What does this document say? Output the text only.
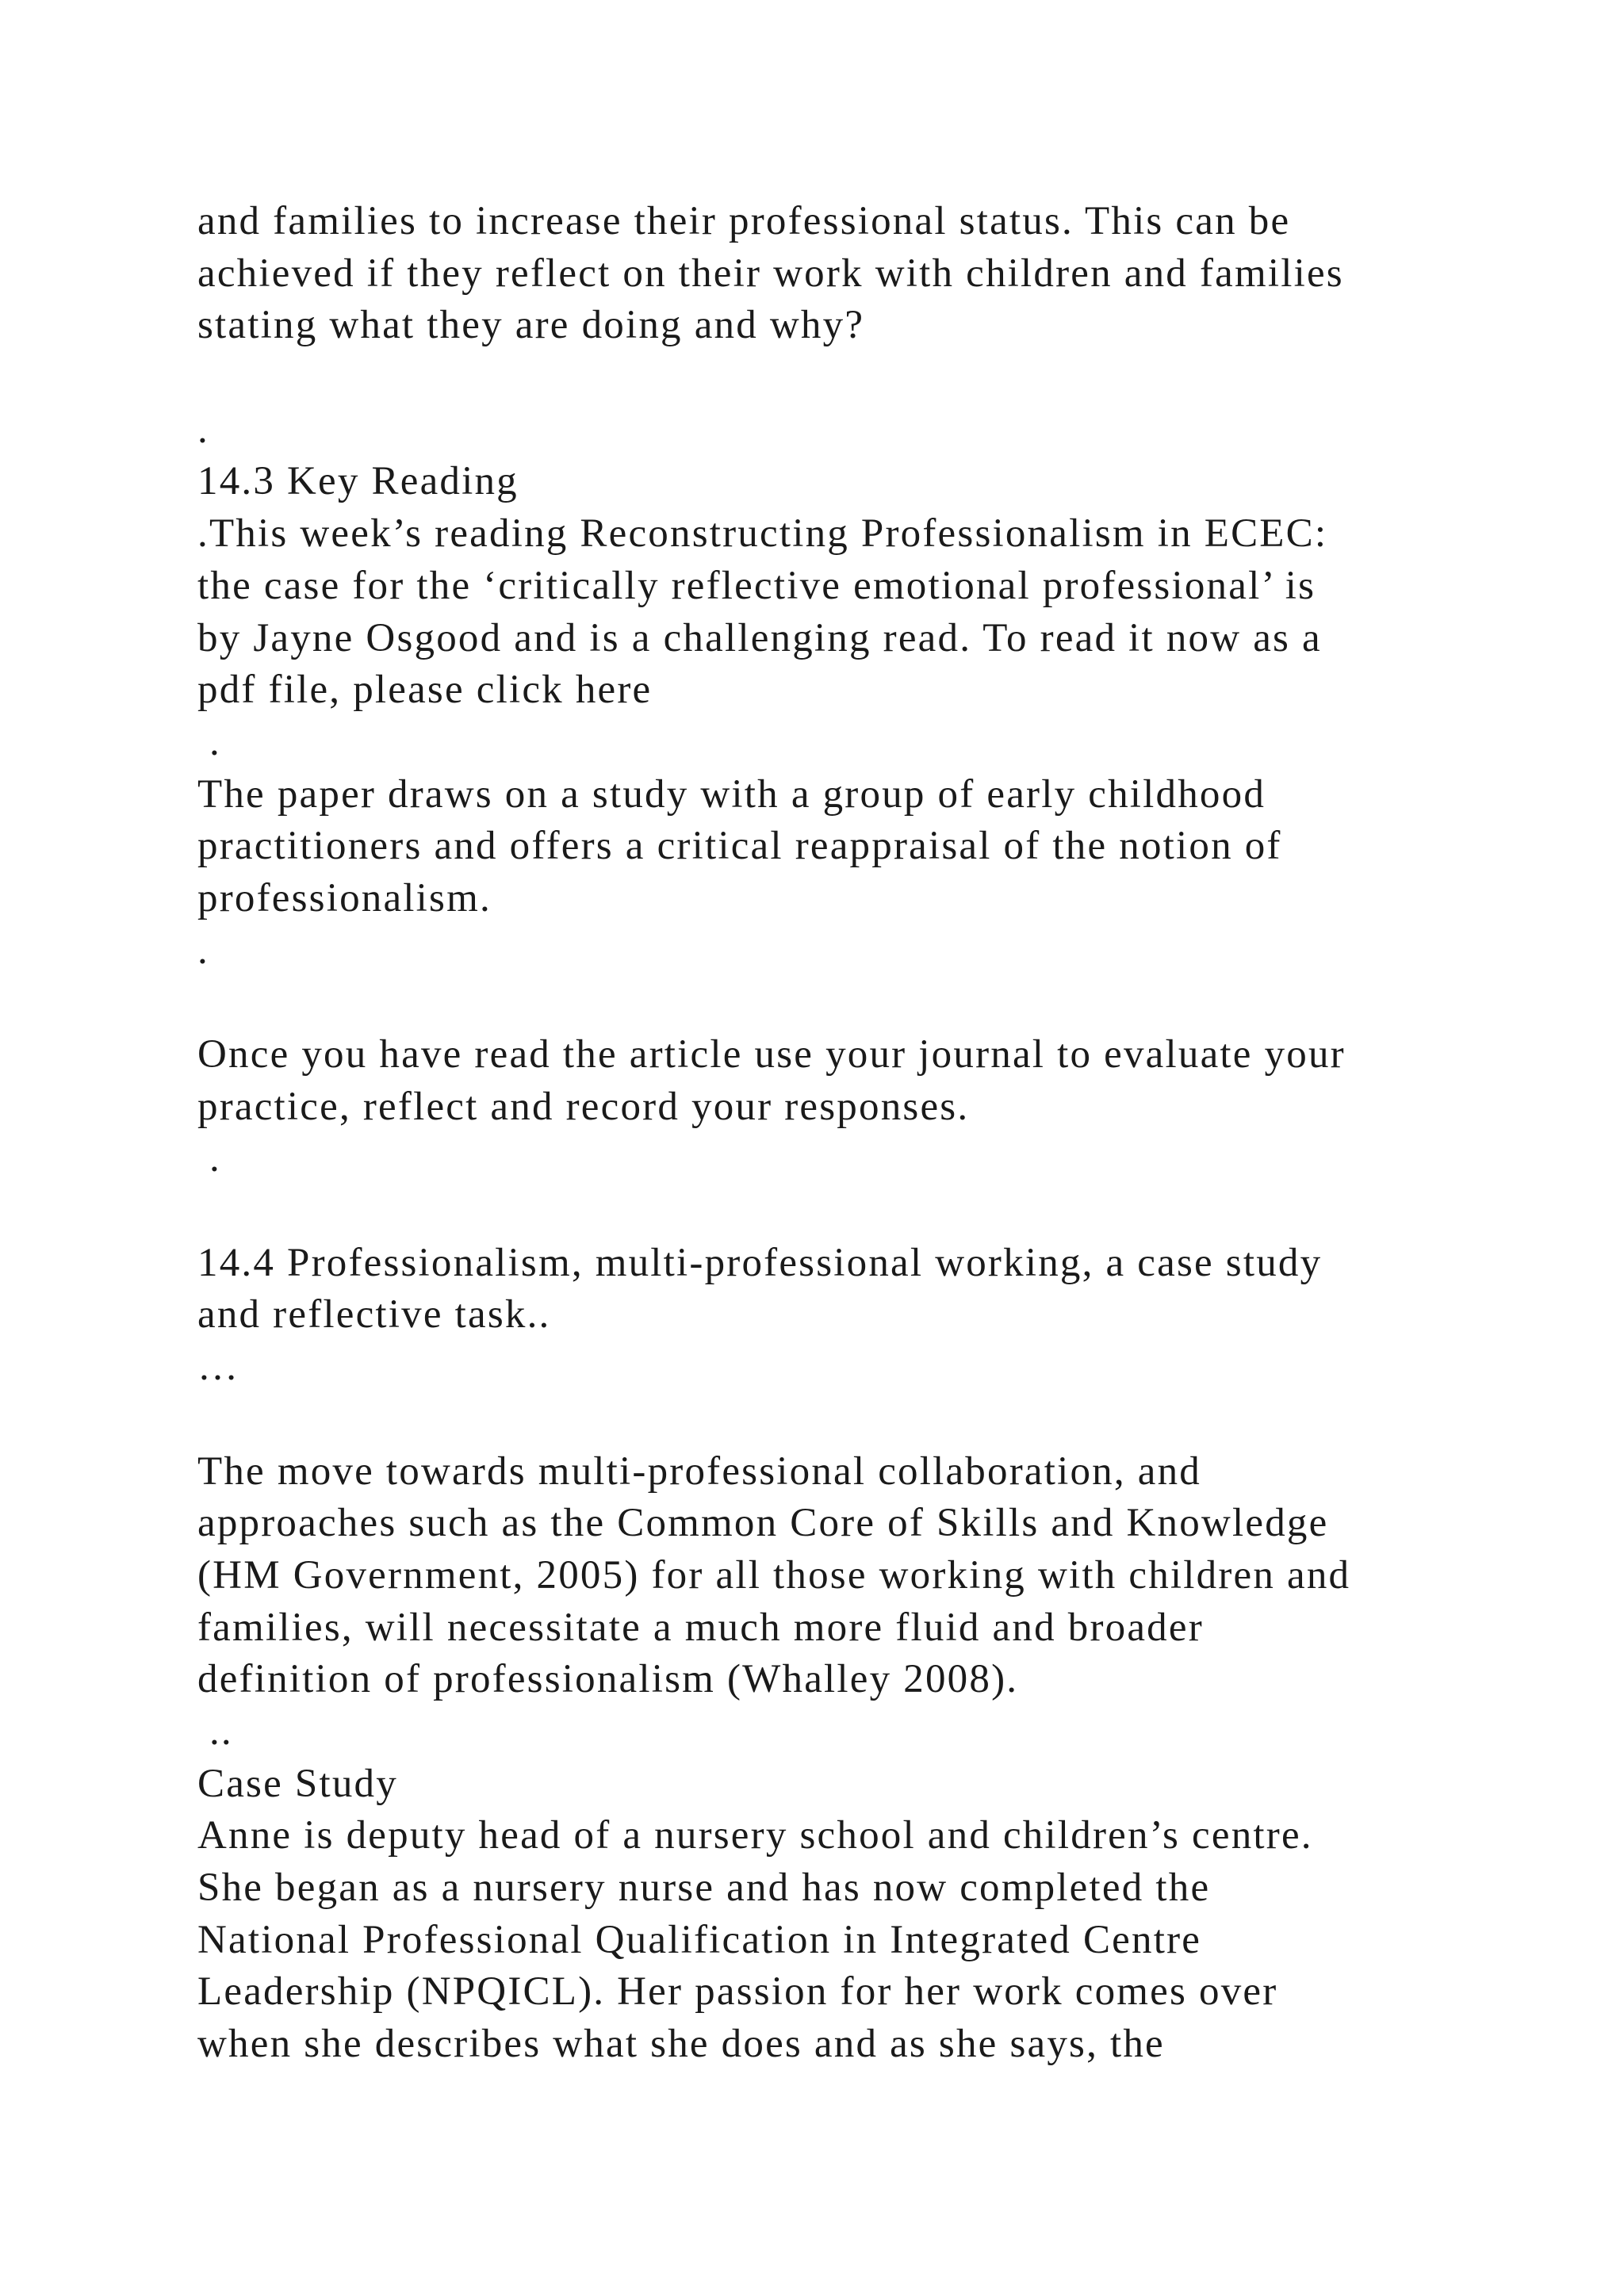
and families to increase their professional status. This can be
achieved if they reflect on their work with children and families
stating what they are doing and why?
.
14.3 Key Reading
.This week’s reading Reconstructing Professionalism in ECEC:
the case for the ‘critically reflective emotional professional’ is
by Jayne Osgood and is a challenging read. To read it now as a
pdf file, please click here
.
The paper draws on a study with a group of early childhood
practitioners and offers a critical reappraisal of the notion of
professionalism.
.
Once you have read the article use your journal to evaluate your
practice, reflect and record your responses.
.
14.4 Professionalism, multi-professional working, a case study
and reflective task..
…
The move towards multi-professional collaboration, and
approaches such as the Common Core of Skills and Knowledge
(HM Government, 2005) for all those working with children and
families, will necessitate a much more fluid and broader
definition of professionalism (Whalley 2008).
..
Case Study
Anne is deputy head of a nursery school and children’s centre.
She began as a nursery nurse and has now completed the
National Professional Qualification in Integrated Centre
Leadership (NPQICL). Her passion for her work comes over
when she describes what she does and as she says, the
